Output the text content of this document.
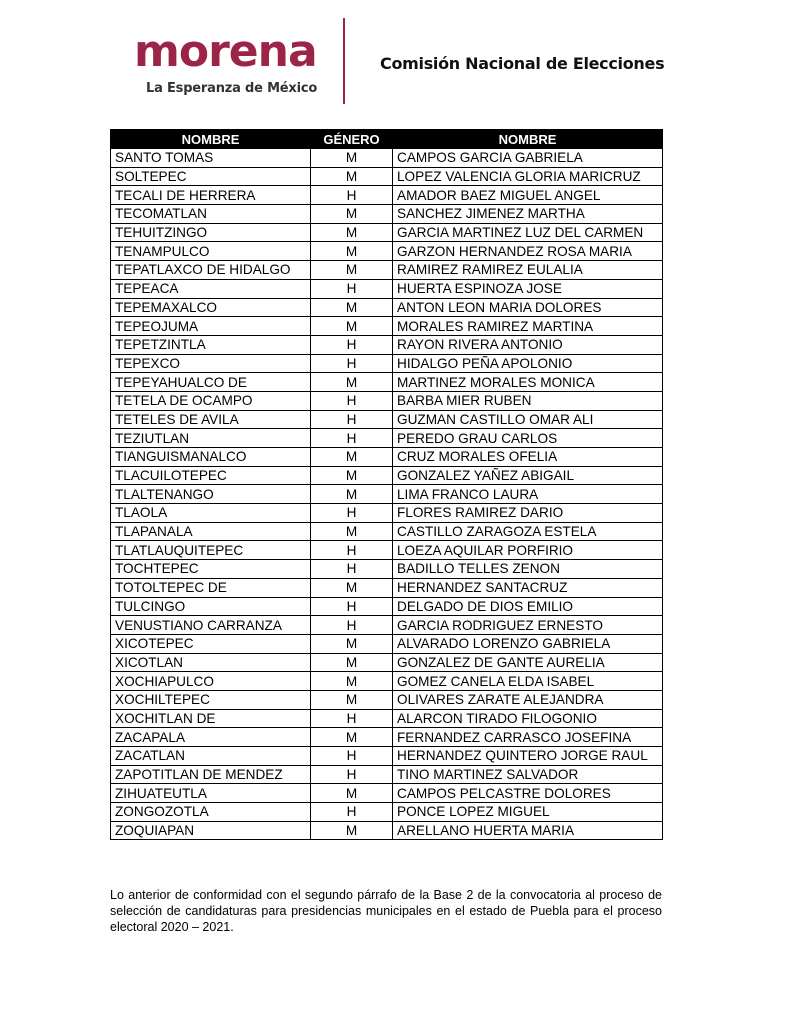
morena
La Esperanza de México
Comisión Nacional de Elecciones
NOMBRE	GÉNERO	NOMBRE
SANTO TOMAS	M	CAMPOS GARCIA GABRIELA
SOLTEPEC	M	LOPEZ VALENCIA GLORIA MARICRUZ
TECALI DE HERRERA	H	AMADOR BAEZ MIGUEL ANGEL
TECOMATLAN	M	SANCHEZ JIMENEZ MARTHA
TEHUITZINGO	M	GARCIA MARTINEZ LUZ DEL CARMEN
TENAMPULCO	M	GARZON HERNANDEZ ROSA MARIA
TEPATLAXCO DE HIDALGO	M	RAMIREZ RAMIREZ EULALIA
TEPEACA	H	HUERTA ESPINOZA JOSE
TEPEMAXALCO	M	ANTON LEON MARIA DOLORES
TEPEOJUMA	M	MORALES RAMIREZ MARTINA
TEPETZINTLA	H	RAYON RIVERA ANTONIO
TEPEXCO	H	HIDALGO PEÑA APOLONIO
TEPEYAHUALCO DE	M	MARTINEZ MORALES MONICA
TETELA DE OCAMPO	H	BARBA MIER RUBEN
TETELES DE AVILA	H	GUZMAN CASTILLO OMAR ALI
TEZIUTLAN	H	PEREDO GRAU CARLOS
TIANGUISMANALCO	M	CRUZ MORALES OFELIA
TLACUILOTEPEC	M	GONZALEZ YAÑEZ ABIGAIL
TLALTENANGO	M	LIMA FRANCO LAURA
TLAOLA	H	FLORES RAMIREZ DARIO
TLAPANALA	M	CASTILLO ZARAGOZA ESTELA
TLATLAUQUITEPEC	H	LOEZA AQUILAR PORFIRIO
TOCHTEPEC	H	BADILLO TELLES ZENON
TOTOLTEPEC DE	M	HERNANDEZ SANTACRUZ
TULCINGO	H	DELGADO DE DIOS EMILIO
VENUSTIANO CARRANZA	H	GARCIA RODRIGUEZ ERNESTO
XICOTEPEC	M	ALVARADO LORENZO GABRIELA
XICOTLAN	M	GONZALEZ DE GANTE AURELIA
XOCHIAPULCO	M	GOMEZ CANELA ELDA ISABEL
XOCHILTEPEC	M	OLIVARES ZARATE ALEJANDRA
XOCHITLAN DE	H	ALARCON TIRADO FILOGONIO
ZACAPALA	M	FERNANDEZ CARRASCO JOSEFINA
ZACATLAN	H	HERNANDEZ QUINTERO JORGE RAUL
ZAPOTITLAN DE MENDEZ	H	TINO MARTINEZ SALVADOR
ZIHUATEUTLA	M	CAMPOS PELCASTRE DOLORES
ZONGOZOTLA	H	PONCE LOPEZ MIGUEL
ZOQUIAPAN	M	ARELLANO HUERTA MARIA
Lo anterior de conformidad con el segundo párrafo de la Base 2 de la convocatoria al proceso de selección de candidaturas para presidencias municipales en el estado de Puebla para el proceso electoral 2020 – 2021.
